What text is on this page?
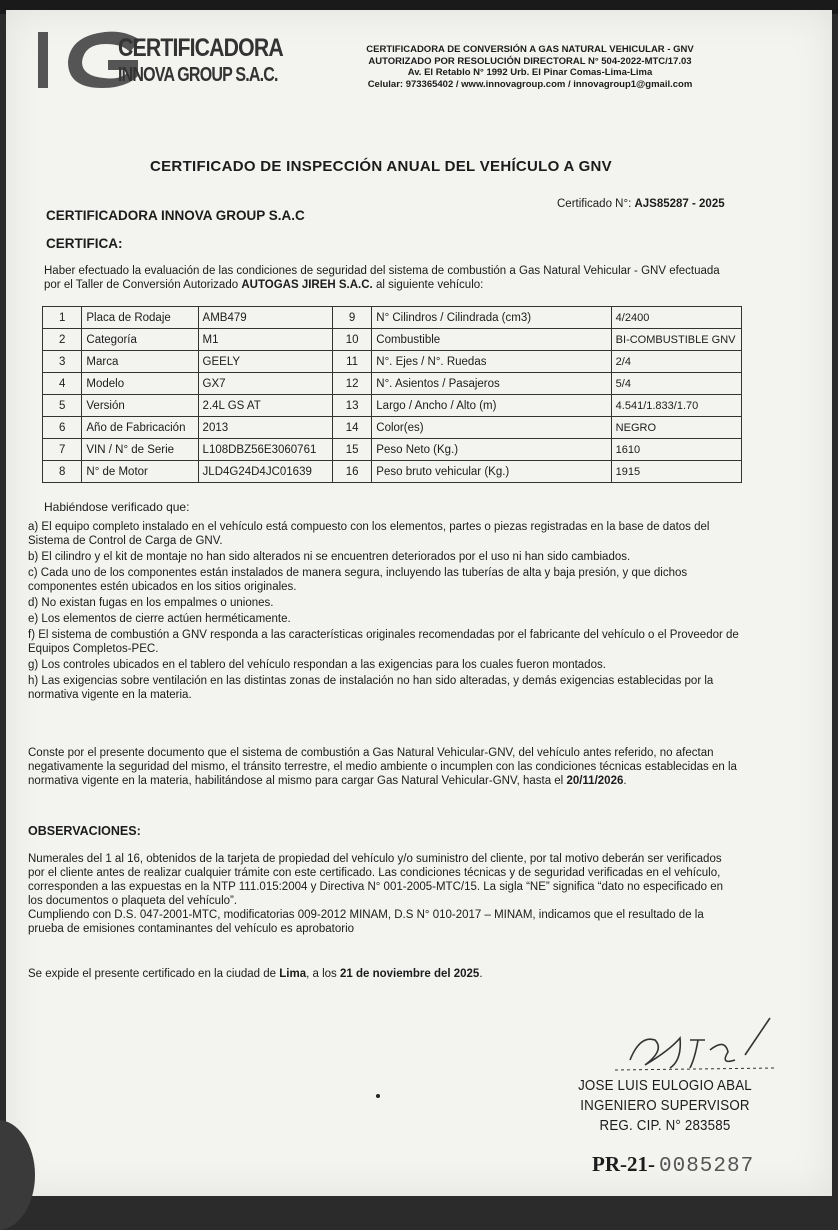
CERTIFICADORA
INNOVA GROUP S.A.C.
CERTIFICADORA DE CONVERSIÓN A GAS NATURAL VEHICULAR - GNV
AUTORIZADO POR RESOLUCIÓN DIRECTORAL N° 504-2022-MTC/17.03
Av. El Retablo N° 1992 Urb. El Pinar Comas-Lima-Lima
Celular: 973365402 / www.innovagroup.com / innovagroup1@gmail.com
CERTIFICADO DE INSPECCIÓN ANUAL DEL VEHÍCULO A GNV
Certificado N°: AJS85287 - 2025
CERTIFICADORA INNOVA GROUP S.A.C
CERTIFICA:
Haber efectuado la evaluación de las condiciones de seguridad del sistema de combustión a Gas Natural Vehicular - GNV efectuada por el Taller de Conversión Autorizado AUTOGAS JIREH S.A.C. al siguiente vehículo:
1	Placa de Rodaje	AMB479	9	N° Cilindros / Cilindrada (cm3)	4/2400
2	Categoría	M1	10	Combustible	BI-COMBUSTIBLE GNV
3	Marca	GEELY	11	N°. Ejes / N°. Ruedas	2/4
4	Modelo	GX7	12	N°. Asientos / Pasajeros	5/4
5	Versión	2.4L GS AT	13	Largo / Ancho / Alto (m)	4.541/1.833/1.70
6	Año de Fabricación	2013	14	Color(es)	NEGRO
7	VIN / N° de Serie	L108DBZ56E3060761	15	Peso Neto (Kg.)	1610
8	N° de Motor	JLD4G24D4JC01639	16	Peso bruto vehicular (Kg.)	1915
Habiéndose verificado que:
a) El equipo completo instalado en el vehículo está compuesto con los elementos, partes o piezas registradas en la base de datos del Sistema de Control de Carga de GNV.
b) El cilindro y el kit de montaje no han sido alterados ni se encuentren deteriorados por el uso ni han sido cambiados.
c) Cada uno de los componentes están instalados de manera segura, incluyendo las tuberías de alta y baja presión, y que dichos componentes estén ubicados en los sitios originales.
d) No existan fugas en los empalmes o uniones.
e) Los elementos de cierre actúen herméticamente.
f) El sistema de combustión a GNV responda a las características originales recomendadas por el fabricante del vehículo o el Proveedor de Equipos Completos-PEC.
g) Los controles ubicados en el tablero del vehículo respondan a las exigencias para los cuales fueron montados.
h) Las exigencias sobre ventilación en las distintas zonas de instalación no han sido alteradas, y demás exigencias establecidas por la normativa vigente en la materia.
Conste por el presente documento que el sistema de combustión a Gas Natural Vehicular-GNV, del vehículo antes referido, no afectan negativamente la seguridad del mismo, el tránsito terrestre, el medio ambiente o incumplen con las condiciones técnicas establecidas en la normativa vigente en la materia, habilitándose al mismo para cargar Gas Natural Vehicular-GNV, hasta el 20/11/2026.
OBSERVACIONES:
Numerales del 1 al 16, obtenidos de la tarjeta de propiedad del vehículo y/o suministro del cliente, por tal motivo deberán ser verificados por el cliente antes de realizar cualquier trámite con este certificado. Las condiciones técnicas y de seguridad verificadas en el vehículo, corresponden a las expuestas en la NTP 111.015:2004 y Directiva N° 001-2005-MTC/15. La sigla “NE” significa “dato no especificado en los documentos o plaqueta del vehículo”.
Cumpliendo con D.S. 047-2001-MTC, modificatorias 009-2012 MINAM, D.S N° 010-2017 – MINAM, indicamos que el resultado de la prueba de emisiones contaminantes del vehículo es aprobatorio
Se expide el presente certificado en la ciudad de Lima, a los 21 de noviembre del 2025.
JOSE LUIS EULOGIO ABAL
INGENIERO SUPERVISOR
REG. CIP. N° 283585
PR-21- 0085287
